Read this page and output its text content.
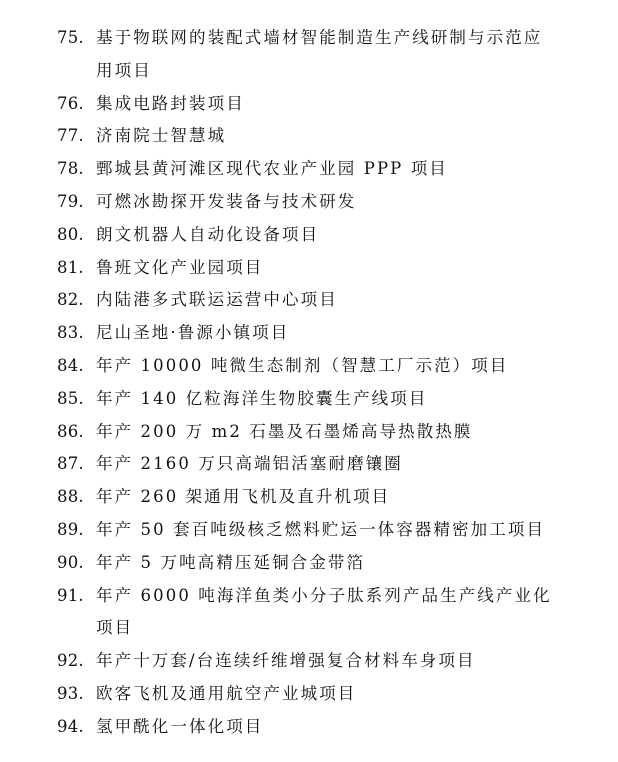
75. 基于物联网的装配式墙材智能制造生产线研制与示范应用项目
76. 集成电路封装项目
77. 济南院士智慧城
78. 鄄城县黄河滩区现代农业产业园 PPP 项目
79. 可燃冰勘探开发装备与技术研发
80. 朗文机器人自动化设备项目
81. 鲁班文化产业园项目
82. 内陆港多式联运运营中心项目
83. 尼山圣地·鲁源小镇项目
84. 年产 10000 吨微生态制剂（智慧工厂示范）项目
85. 年产 140 亿粒海洋生物胶囊生产线项目
86. 年产 200 万 m2 石墨及石墨烯高导热散热膜
87. 年产 2160 万只高端铝活塞耐磨镶圈
88. 年产 260 架通用飞机及直升机项目
89. 年产 50 套百吨级核乏燃料贮运一体容器精密加工项目
90. 年产 5 万吨高精压延铜合金带箔
91. 年产 6000 吨海洋鱼类小分子肽系列产品生产线产业化项目
92. 年产十万套/台连续纤维增强复合材料车身项目
93. 欧客飞机及通用航空产业城项目
94. 氢甲酰化一体化项目
